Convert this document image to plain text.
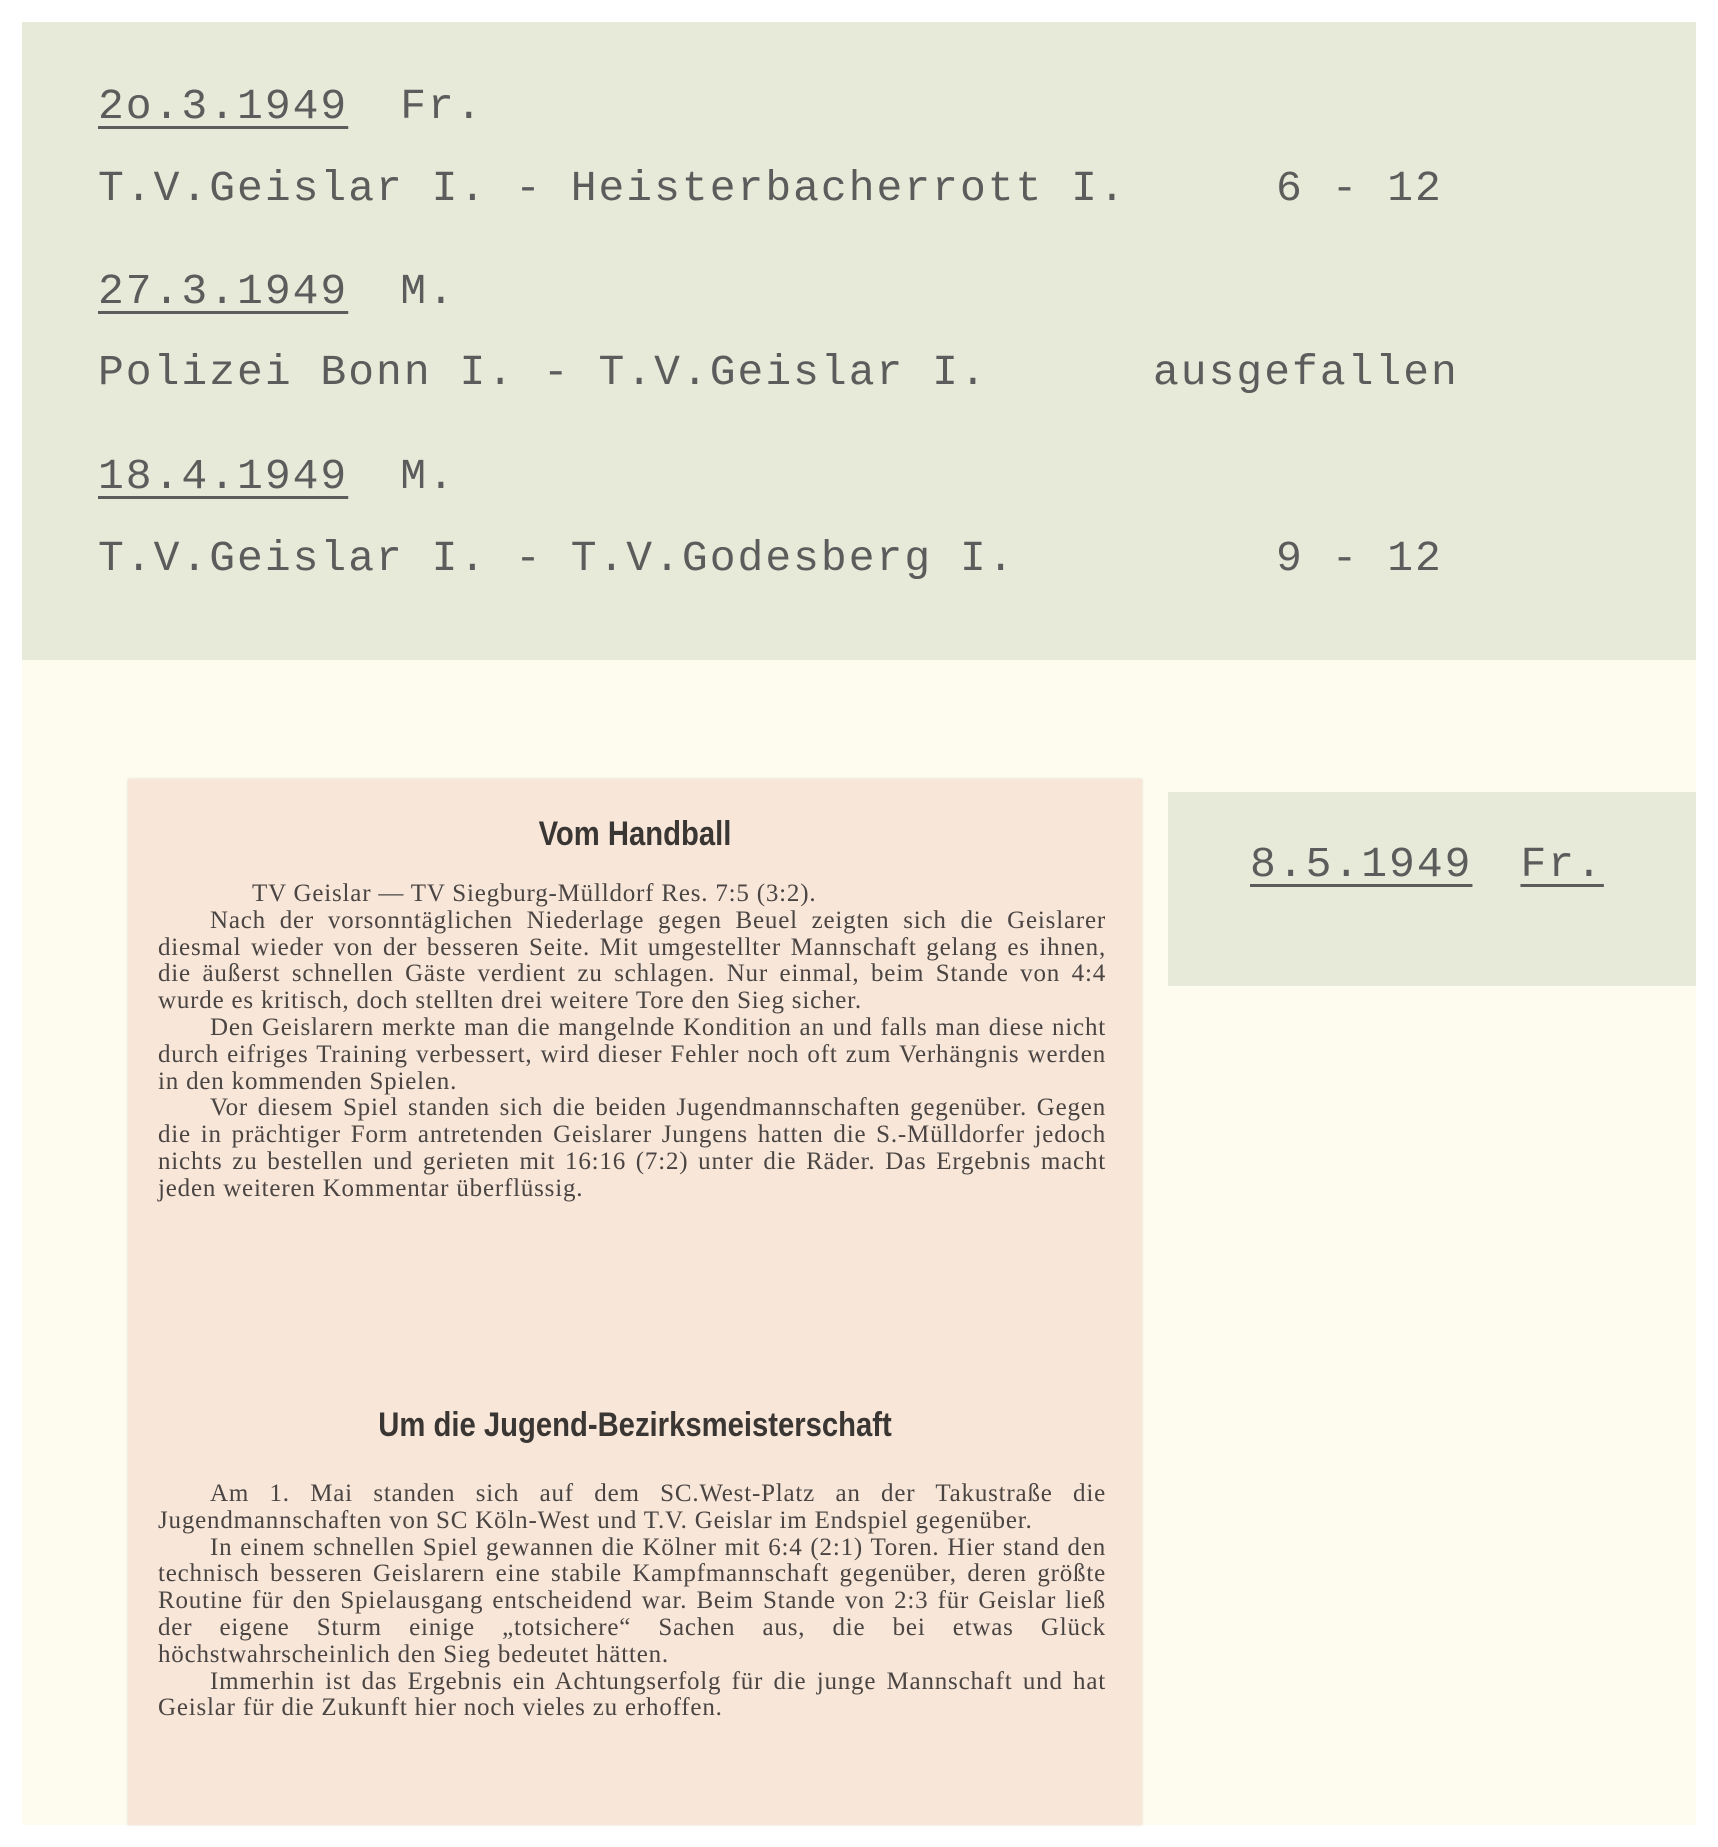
2o.3.1949 Fr.
T.V.Geislar I. - Heisterbacherrott I.	6 - 12
27.3.1949 M.
Polizei Bonn I. - T.V.Geislar I.	ausgefallen
18.4.1949 M.
T.V.Geislar I. - T.V.Godesberg I.	9 - 12
8.5.1949 Fr.
Vom Handball

TV Geislar — TV Siegburg-Mülldorf Res. 7:5 (3:2).

Nach der vorsonntäglichen Niederlage gegen Beuel zeigten sich die Geislarer diesmal wieder von der besseren Seite. Mit umgestellter Mannschaft gelang es ihnen, die äußerst schnellen Gäste verdient zu schlagen. Nur einmal, beim Stande von 4:4 wurde es kritisch, doch stellten drei weitere Tore den Sieg sicher.

Den Geislarern merkte man die mangelnde Kondition an und falls man diese nicht durch eifriges Training verbessert, wird dieser Fehler noch oft zum Verhängnis werden in den kommenden Spielen.

Vor diesem Spiel standen sich die beiden Jugendmannschaften gegenüber. Gegen die in prächtiger Form antretenden Geislarer Jungens hatten die S.-Mülldorfer jedoch nichts zu bestellen und gerieten mit 16:16 (7:2) unter die Räder. Das Ergebnis macht jeden weiteren Kommentar überflüssig.

Um die Jugend-Bezirksmeisterschaft

Am 1. Mai standen sich auf dem SC.West-Platz an der Takustraße die Jugendmannschaften von SC Köln-West und T.V. Geislar im Endspiel gegenüber.

In einem schnellen Spiel gewannen die Kölner mit 6:4 (2:1) Toren. Hier stand den technisch besseren Geislarern eine stabile Kampfmannschaft gegenüber, deren größte Routine für den Spielausgang entscheidend war. Beim Stande von 2:3 für Geislar ließ der eigene Sturm einige „totsichere“ Sachen aus, die bei etwas Glück höchstwahrscheinlich den Sieg bedeutet hätten.

Immerhin ist das Ergebnis ein Achtungserfolg für die junge Mannschaft und hat Geislar für die Zukunft hier noch vieles zu erhoffen.
